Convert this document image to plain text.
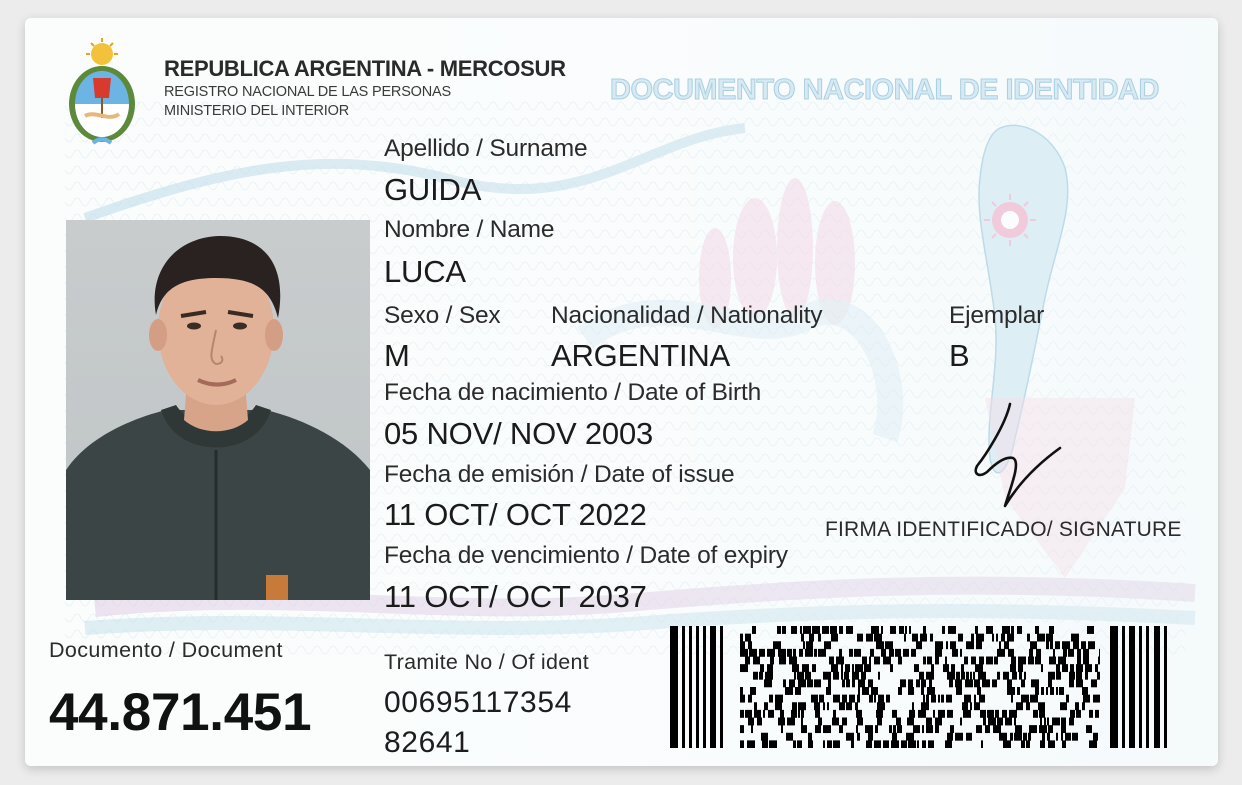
REPUBLICA ARGENTINA - MERCOSUR
REGISTRO NACIONAL DE LAS PERSONAS
MINISTERIO DEL INTERIOR
DOCUMENTO NACIONAL DE IDENTIDAD
Apellido / Surname
GUIDA
Nombre / Name
LUCA
Sexo / Sex
M
Nacionalidad / Nationality
ARGENTINA
Ejemplar
B
Fecha de nacimiento / Date of Birth
05 NOV/ NOV 2003
Fecha de emisión / Date of issue
11 OCT/ OCT 2022
Fecha de vencimiento / Date of expiry
11 OCT/ OCT 2037
FIRMA IDENTIFICADO/ SIGNATURE
Documento / Document
44.871.451
Tramite No / Of ident
00695117354
82641
